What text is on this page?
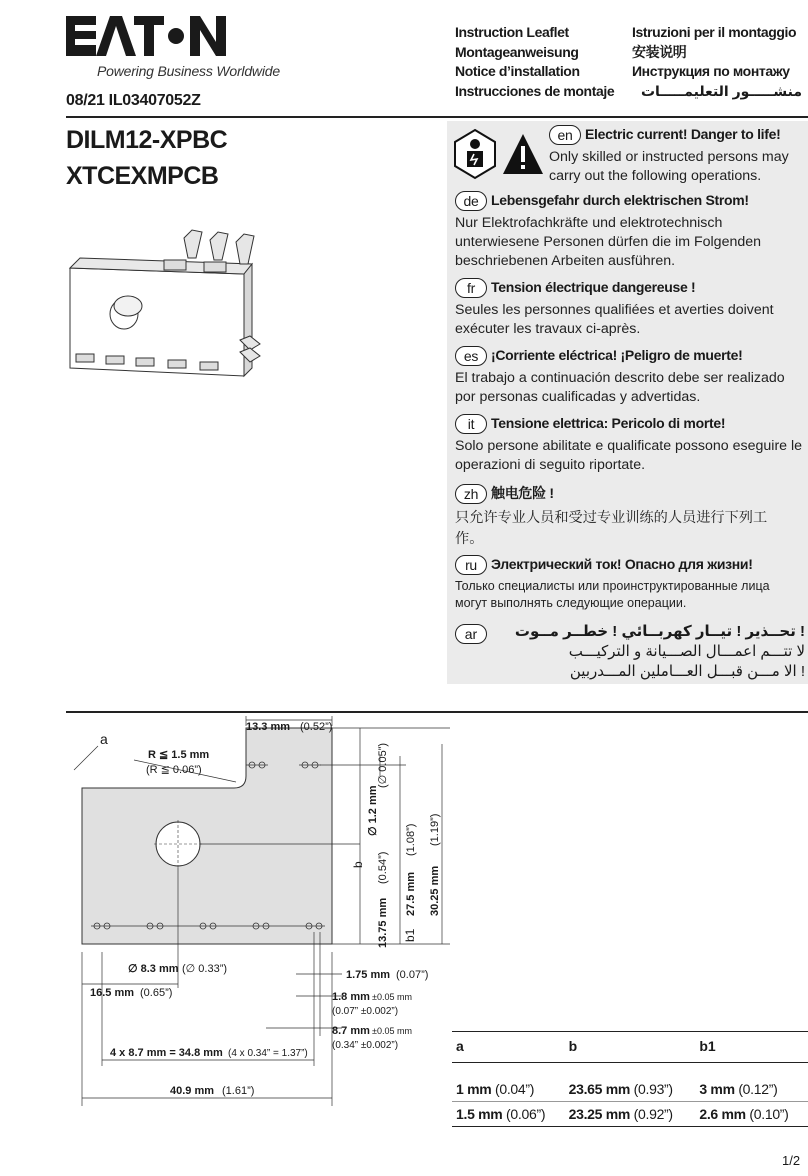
Powering Business Worldwide
08/21 IL03407052Z
Instruction Leaflet
Montageanweisung
Notice d’installation
Instrucciones de montaje
Istruzioni per il montaggio
安装说明
Инструкция по монтажу
منشـــــور التعليمـــــات
DILM12-XPBC
XTCEXMPCB
en Electric current! Danger to life!
Only skilled or instructed persons may carry out the following operations.
de Lebensgefahr durch elektrischen Strom!
Nur Elektrofachkräfte und elektrotechnisch unterwiesene Personen dürfen die im Folgenden beschriebenen Arbeiten ausführen.
fr Tension électrique dangereuse !
Seules les personnes qualifiées et averties doivent exécuter les travaux ci-après.
es ¡Corriente eléctrica! ¡Peligro de muerte!
El trabajo a continuación descrito debe ser realizado por personas cualificadas y advertidas.
it Tensione elettrica: Pericolo di morte!
Solo persone abilitate e qualificate possono eseguire le operazioni di seguito riportate.
zh 触电危险 !
只允许专业人员和受过专业训练的人员进行下列工作。
ru Электрический ток! Опасно для жизни!
Только специалисты или проинструктированные лица могут выполнять следующие операции.
ar	! تحــذير ! تيــار كهربــائي ! خطــر مــوت
لا تتـــم اعمـــال الصـــيانة و التركيـــب
! الا مـــن قبـــل العـــاملين المـــدربين
a
R ≦ 1.5 mm
(R ≦ 0.06”)
13.3 mm (0.52”)
∅ 1.2 mm
(∅ 0.05”)
27.5 mm
(1.08”)
30.25 mm
(1.19”)
13.75 mm
(0.54”)
b
b1
∅ 8.3 mm (∅ 0.33”)
16.5 mm (0.65”)
1.75 mm (0.07”)
1.8 mm ±0.05 mm
(0.07” ±0.002”)
8.7 mm ±0.05 mm
(0.34” ±0.002”)
4 x 8.7 mm = 34.8 mm (4 x 0.34” = 1.37”)
40.9 mm (1.61”)
a	b	b1

1 mm (0.04”)	23.65 mm (0.93”)	3 mm (0.12”)
1.5 mm (0.06”)	23.25 mm (0.92”)	2.6 mm (0.10”)
1/2
